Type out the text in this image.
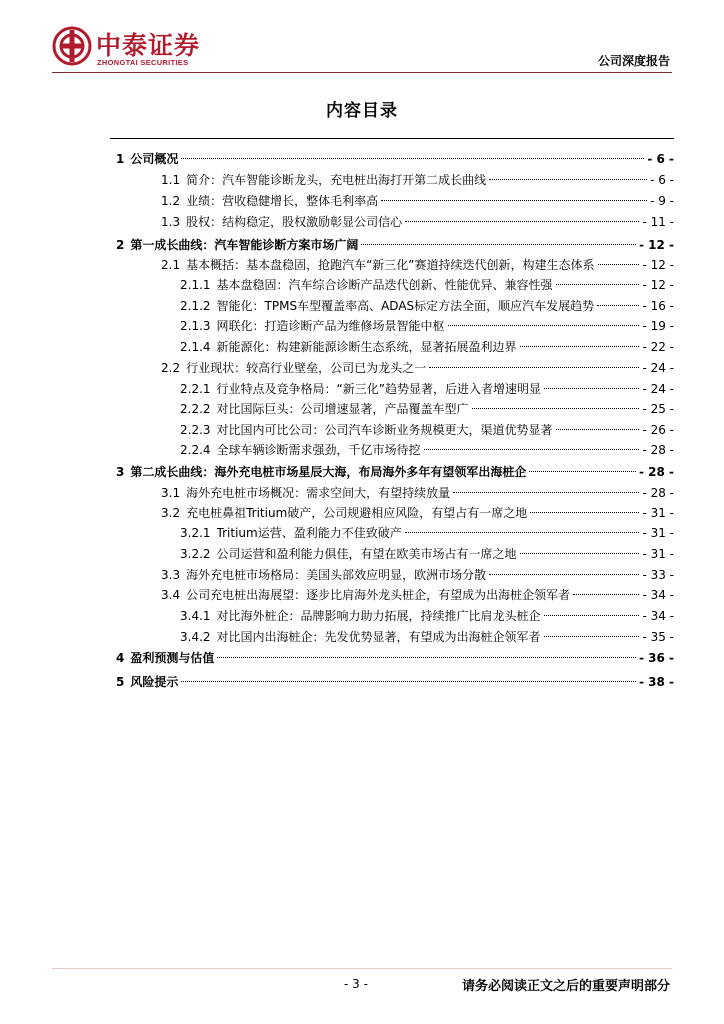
中泰证券
ZHONGTAI SECURITIES	公司深度报告
内容目录
1 公司概况	- 6 -
1.1 简介：汽车智能诊断龙头，充电桩出海打开第二成长曲线	- 6 -
1.2 业绩：营收稳健增长，整体毛利率高	- 9 -
1.3 股权：结构稳定，股权激励彰显公司信心	- 11 -
2 第一成长曲线：汽车智能诊断方案市场广阔	- 12 -
2.1 基本概括：基本盘稳固，抢跑汽车“新三化”赛道持续迭代创新，构建生态体系	- 12 -
2.1.1 基本盘稳固：汽车综合诊断产品迭代创新、性能优异、兼容性强	- 12 -
2.1.2 智能化：TPMS车型覆盖率高、ADAS标定方法全面，顺应汽车发展趋势	- 16 -
2.1.3 网联化：打造诊断产品为维修场景智能中枢	- 19 -
2.1.4 新能源化：构建新能源诊断生态系统，显著拓展盈利边界	- 22 -
2.2 行业现状：较高行业壁垒，公司已为龙头之一	- 24 -
2.2.1 行业特点及竞争格局：“新三化”趋势显著，后进入者增速明显	- 24 -
2.2.2 对比国际巨头：公司增速显著，产品覆盖车型广	- 25 -
2.2.3 对比国内可比公司：公司汽车诊断业务规模更大，渠道优势显著	- 26 -
2.2.4 全球车辆诊断需求强劲，千亿市场待挖	- 28 -
3 第二成长曲线：海外充电桩市场星辰大海，布局海外多年有望领军出海桩企	- 28 -
3.1 海外充电桩市场概况：需求空间大，有望持续放量	- 28 -
3.2 充电桩鼻祖Tritium破产，公司规避相应风险，有望占有一席之地	- 31 -
3.2.1 Tritium运营、盈利能力不佳致破产	- 31 -
3.2.2 公司运营和盈利能力俱佳，有望在欧美市场占有一席之地	- 31 -
3.3 海外充电桩市场格局：美国头部效应明显，欧洲市场分散	- 33 -
3.4 公司充电桩出海展望：逐步比肩海外龙头桩企，有望成为出海桩企领军者	- 34 -
3.4.1 对比海外桩企：品牌影响力助力拓展，持续推广比肩龙头桩企	- 34 -
3.4.2 对比国内出海桩企：先发优势显著，有望成为出海桩企领军者	- 35 -
4 盈利预测与估值	- 36 -
5 风险提示	- 38 -
- 3 -	请务必阅读正文之后的重要声明部分
